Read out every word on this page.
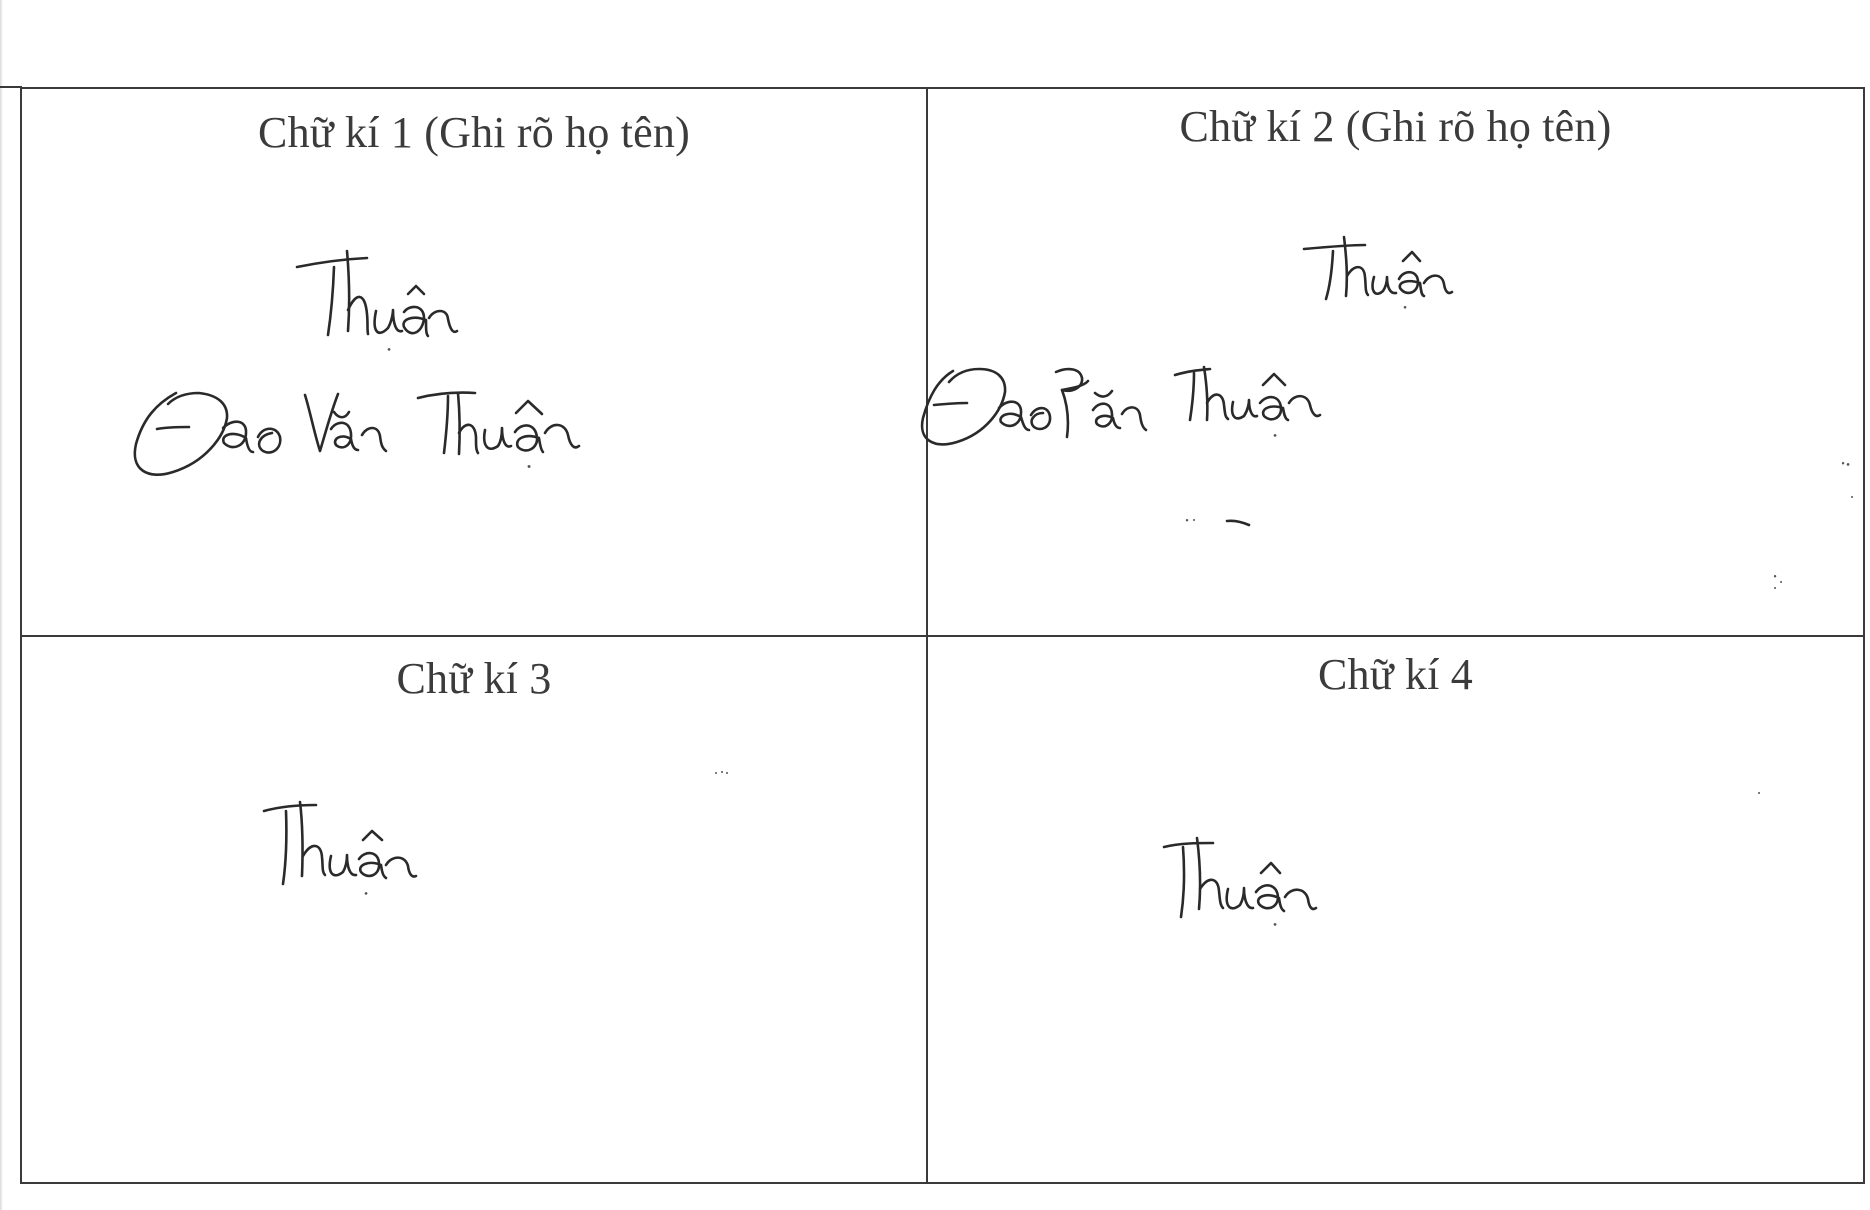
Chữ kí 1 (Ghi rõ họ tên)	Chữ kí 2 (Ghi rõ họ tên)
Chữ kí 3	Chữ kí 4
